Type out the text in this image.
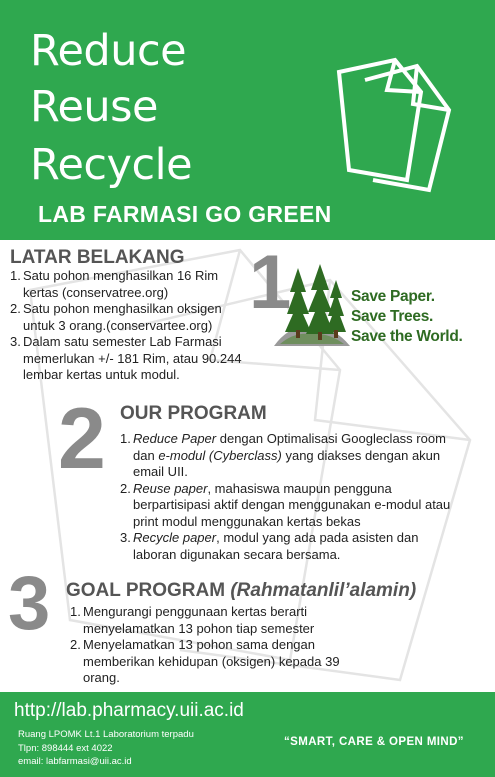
Reduce
Reuse
Recycle
LAB FARMASI GO GREEN
1
LATAR BELAKANG
1. Satu pohon menghasilkan 16 Rim kertas (conservatree.org)
2. Satu pohon menghasilkan oksigen untuk 3 orang.(conservartee.org)
3. Dalam satu semester Lab Farmasi memerlukan +/- 181 Rim, atau 90.244 lembar kertas untuk modul.
Save Paper.
Save Trees.
Save the World.
2 OUR PROGRAM
1. Reduce Paper dengan Optimalisasi Googleclass room dan e-modul (Cyberclass) yang diakses dengan akun email UII.
2. Reuse paper, mahasiswa maupun pengguna berpartisipasi aktif dengan menggunakan e-modul atau print modul menggunakan kertas bekas
3. Recycle paper, modul yang ada pada asisten dan laboran digunakan secara bersama.
3 GOAL PROGRAM (Rahmatanlil’alamin)
1. Mengurangi penggunaan kertas berarti menyelamatkan 13 pohon tiap semester
2. Menyelamatkan 13 pohon sama dengan memberikan kehidupan (oksigen) kepada 39 orang.
http://lab.pharmacy.uii.ac.id
Ruang LPOMK Lt.1 Laboratorium terpadu
Tlpn: 898444 ext 4022
email: labfarmasi@uii.ac.id
“SMART, CARE & OPEN MIND”
